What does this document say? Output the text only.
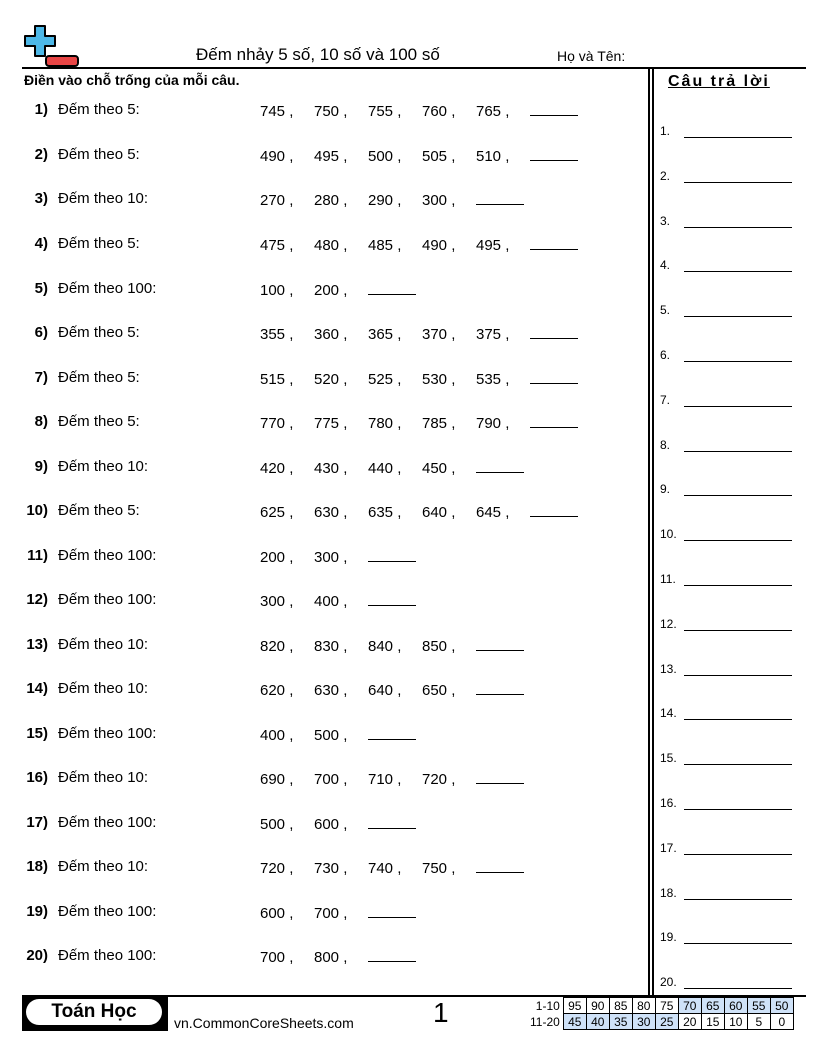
Đếm nhảy 5 số, 10 số và 100 số	Họ và Tên:
Điền vào chỗ trống của mỗi câu.	Câu trả lời
1) Đếm theo 5:	745 , 750 , 755 , 760 , 765 ,
2) Đếm theo 5:	490 , 495 , 500 , 505 , 510 ,
3) Đếm theo 10:	270 , 280 , 290 , 300 ,
4) Đếm theo 5:	475 , 480 , 485 , 490 , 495 ,
5) Đếm theo 100:	100 , 200 ,
6) Đếm theo 5:	355 , 360 , 365 , 370 , 375 ,
7) Đếm theo 5:	515 , 520 , 525 , 530 , 535 ,
8) Đếm theo 5:	770 , 775 , 780 , 785 , 790 ,
9) Đếm theo 10:	420 , 430 , 440 , 450 ,
10) Đếm theo 5:	625 , 630 , 635 , 640 , 645 ,
11) Đếm theo 100:	200 , 300 ,
12) Đếm theo 100:	300 , 400 ,
13) Đếm theo 10:	820 , 830 , 840 , 850 ,
14) Đếm theo 10:	620 , 630 , 640 , 650 ,
15) Đếm theo 100:	400 , 500 ,
16) Đếm theo 10:	690 , 700 , 710 , 720 ,
17) Đếm theo 100:	500 , 600 ,
18) Đếm theo 10:	720 , 730 , 740 , 750 ,
19) Đếm theo 100:	600 , 700 ,
20) Đếm theo 100:	700 , 800 ,
1.
2.
3.
4.
5.
6.
7.
8.
9.
10.
11.
12.
13.
14.
15.
16.
17.
18.
19.
20.
Toán Học
vn.CommonCoreSheets.com	1	1-10	95	90	85	80	75	70	65	60	55	50
11-20	45	40	35	30	25	20	15	10	5	0
